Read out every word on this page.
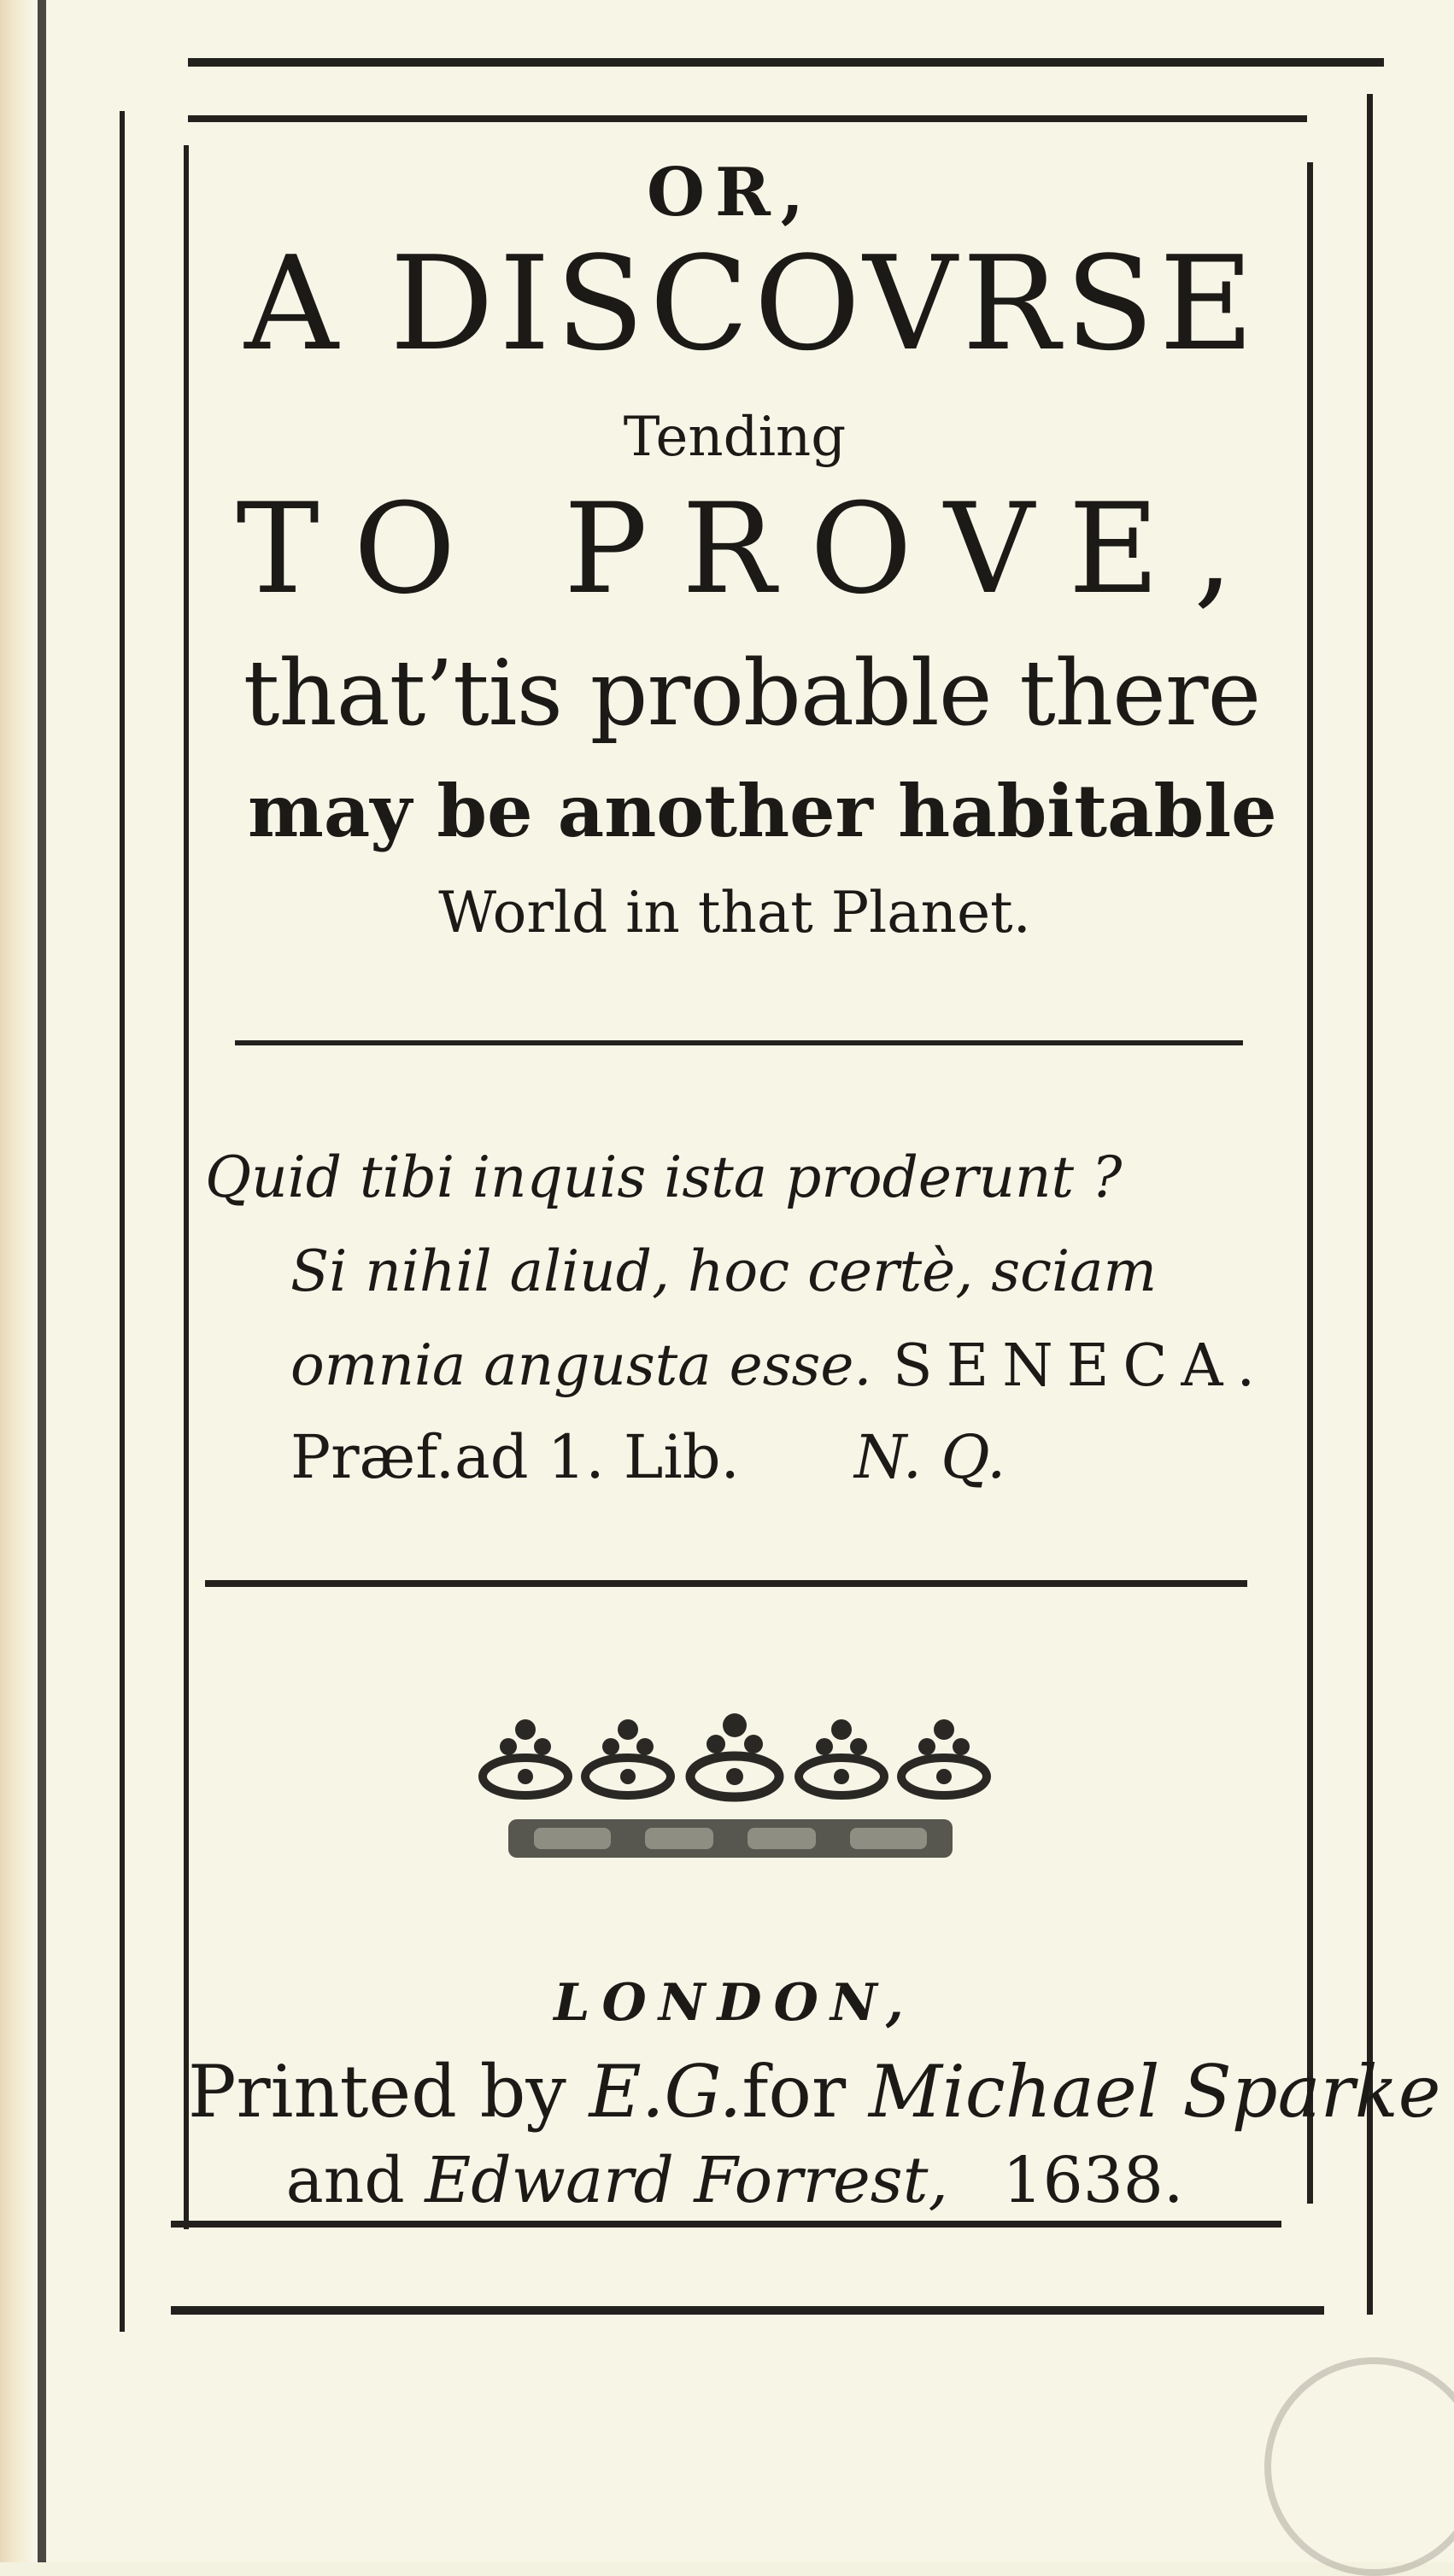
OR,
A DISCOVRSE
Tending
TO PROVE,
that’tis probable there
may be another habitable
World in that Planet.
Quid tibi inquis ista proderunt ?
Si nihil aliud, hoc certè, sciam
omnia angusta esse. SENECA.
Præf.ad 1. Lib. N. Q.
LONDON,
Printed by E.G.for Michael Sparke
and Edward Forrest, 1638.
